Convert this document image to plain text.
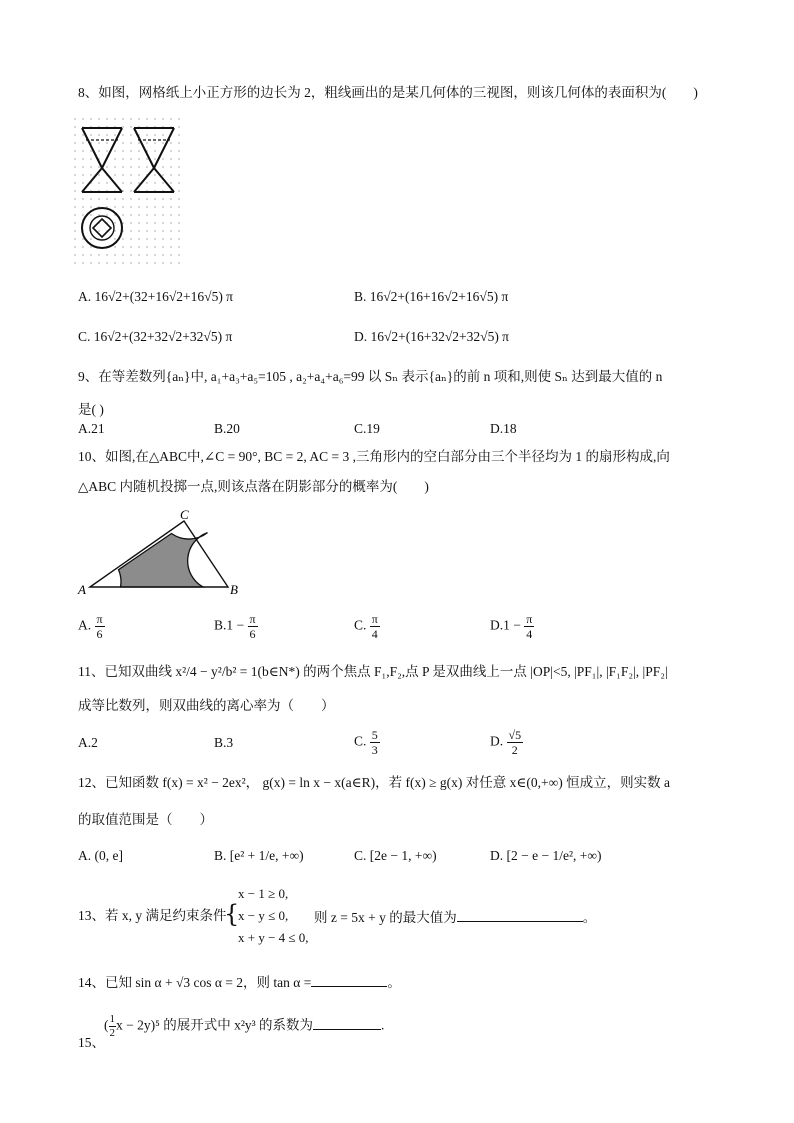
8、如图，网格纸上小正方形的边长为 2，粗线画出的是某几何体的三视图，则该几何体的表面积为(　　)
A. 16√2+(32+16√2+16√5) π	B. 16√2+(16+16√2+16√5) π
C. 16√2+(32+32√2+32√5) π	D. 16√2+(16+32√2+32√5) π
9、在等差数列{aₙ}中, a₁+a₃+a₅=105 , a₂+a₄+a₆=99 以 Sₙ 表示{aₙ}的前 n 项和,则使 Sₙ 达到最大值的 n
是( )
A.21	B.20	C.19	D.18
10、如图,在△ABC中,∠C = 90°, BC = 2, AC = 3 ,三角形内的空白部分由三个半径均为 1 的扇形构成,向
△ABC 内随机投掷一点,则该点落在阴影部分的概率为(　　)
A	B
C
A. $\frac{\pi}{6}$	$B.1 - \frac{\pi}{6}$	C. $\frac{\pi}{4}$	$D.1 - \frac{\pi}{4}$
11、已知双曲线 x²/4 − y²/b² = 1(b∈N*) 的两个焦点 F₁,F₂,点 P 是双曲线上一点 |OP|<5, |PF₁|, |F₁F₂|, |PF₂|
成等比数列，则双曲线的离心率为（　　）
A.2	B.3	C. $\frac{5}{3}$	D. $\frac{√5}{2}$
12、已知函数 f(x) = x² − 2ex²， g(x) = ln x − x(a∈R)，若 f(x) ≥ g(x) 对任意 x∈(0,+∞) 恒成立，则实数 a
的取值范围是（　　）
A. (0, e]	B. [e² + 1/e, +∞)	C. [2e − 1, +∞)	D. [2 − e − 1/e², +∞)
13、若 x, y 满足约束条件
{
x − 1 ≥ 0,
x − y ≤ 0,
x + y − 4 ≤ 0,
则 z = 5x + y 的最大值为	。
14、已知 sin α + √3 cos α = 2，则 tan α =	。
( $\frac{1}{2}$ x − 2y)⁵ 的展开式中 x²y³ 的系数为	.
15、
